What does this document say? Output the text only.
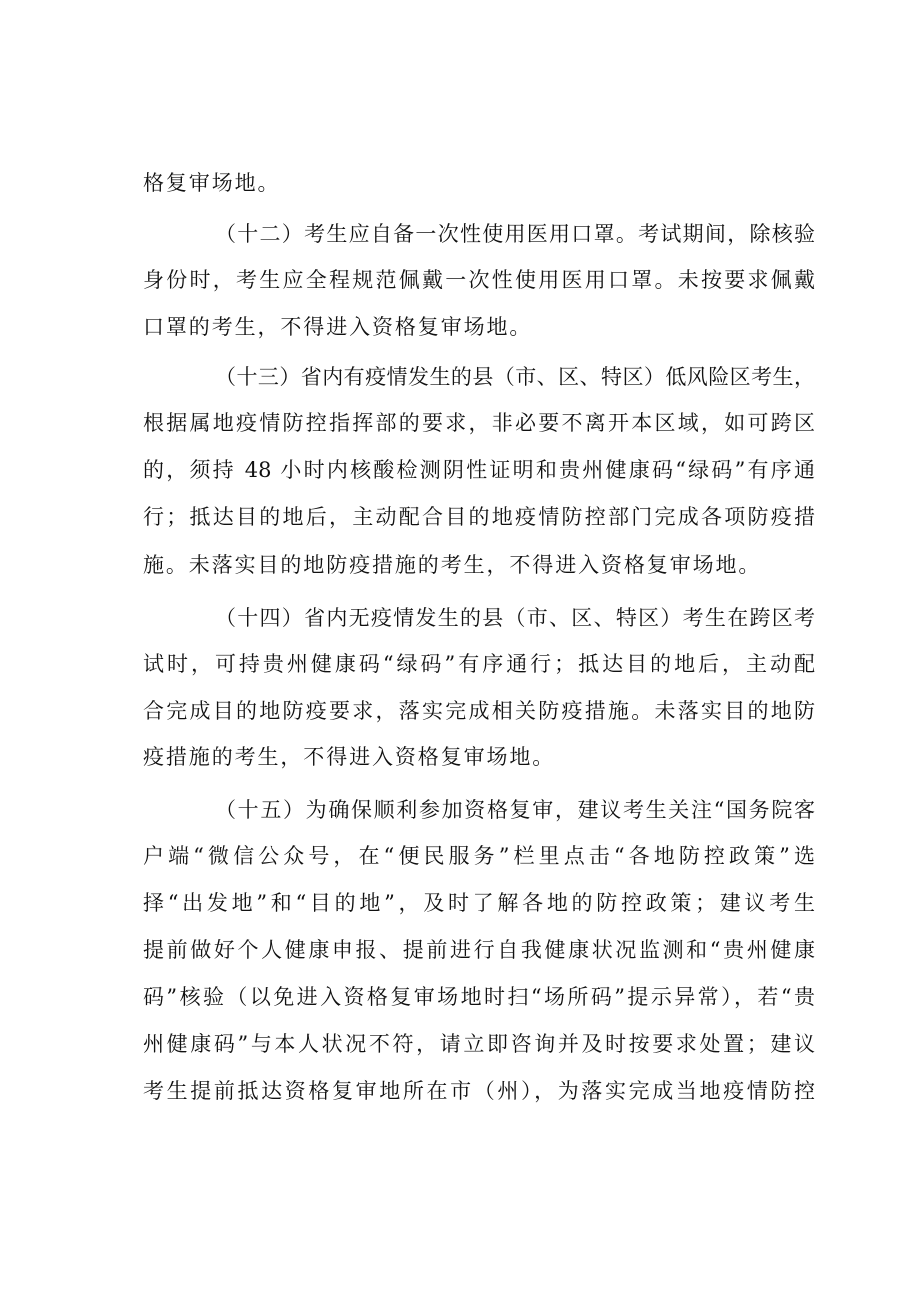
格复审场地。

（十二）考生应自备一次性使用医用口罩。考试期间，除核验

身份时，考生应全程规范佩戴一次性使用医用口罩。未按要求佩戴

口罩的考生，不得进入资格复审场地。

（十三）省内有疫情发生的县（市、区、特区）低风险区考生，

根据属地疫情防控指挥部的要求，非必要不离开本区域，如可跨区

的，须持 48 小时内核酸检测阴性证明和贵州健康码“绿码”有序通

行；抵达目的地后，主动配合目的地疫情防控部门完成各项防疫措

施。未落实目的地防疫措施的考生，不得进入资格复审场地。

（十四）省内无疫情发生的县（市、区、特区）考生在跨区考

试时，可持贵州健康码“绿码”有序通行；抵达目的地后，主动配

合完成目的地防疫要求，落实完成相关防疫措施。未落实目的地防

疫措施的考生，不得进入资格复审场地。

（十五）为确保顺利参加资格复审，建议考生关注“国务院客

户端“微信公众号，在“便民服务”栏里点击“各地防控政策”选

择“出发地”和“目的地”，及时了解各地的防控政策；建议考生

提前做好个人健康申报、提前进行自我健康状况监测和“贵州健康

码”核验（以免进入资格复审场地时扫“场所码”提示异常），若“贵

州健康码”与本人状况不符，请立即咨询并及时按要求处置；建议

考生提前抵达资格复审地所在市（州），为落实完成当地疫情防控
